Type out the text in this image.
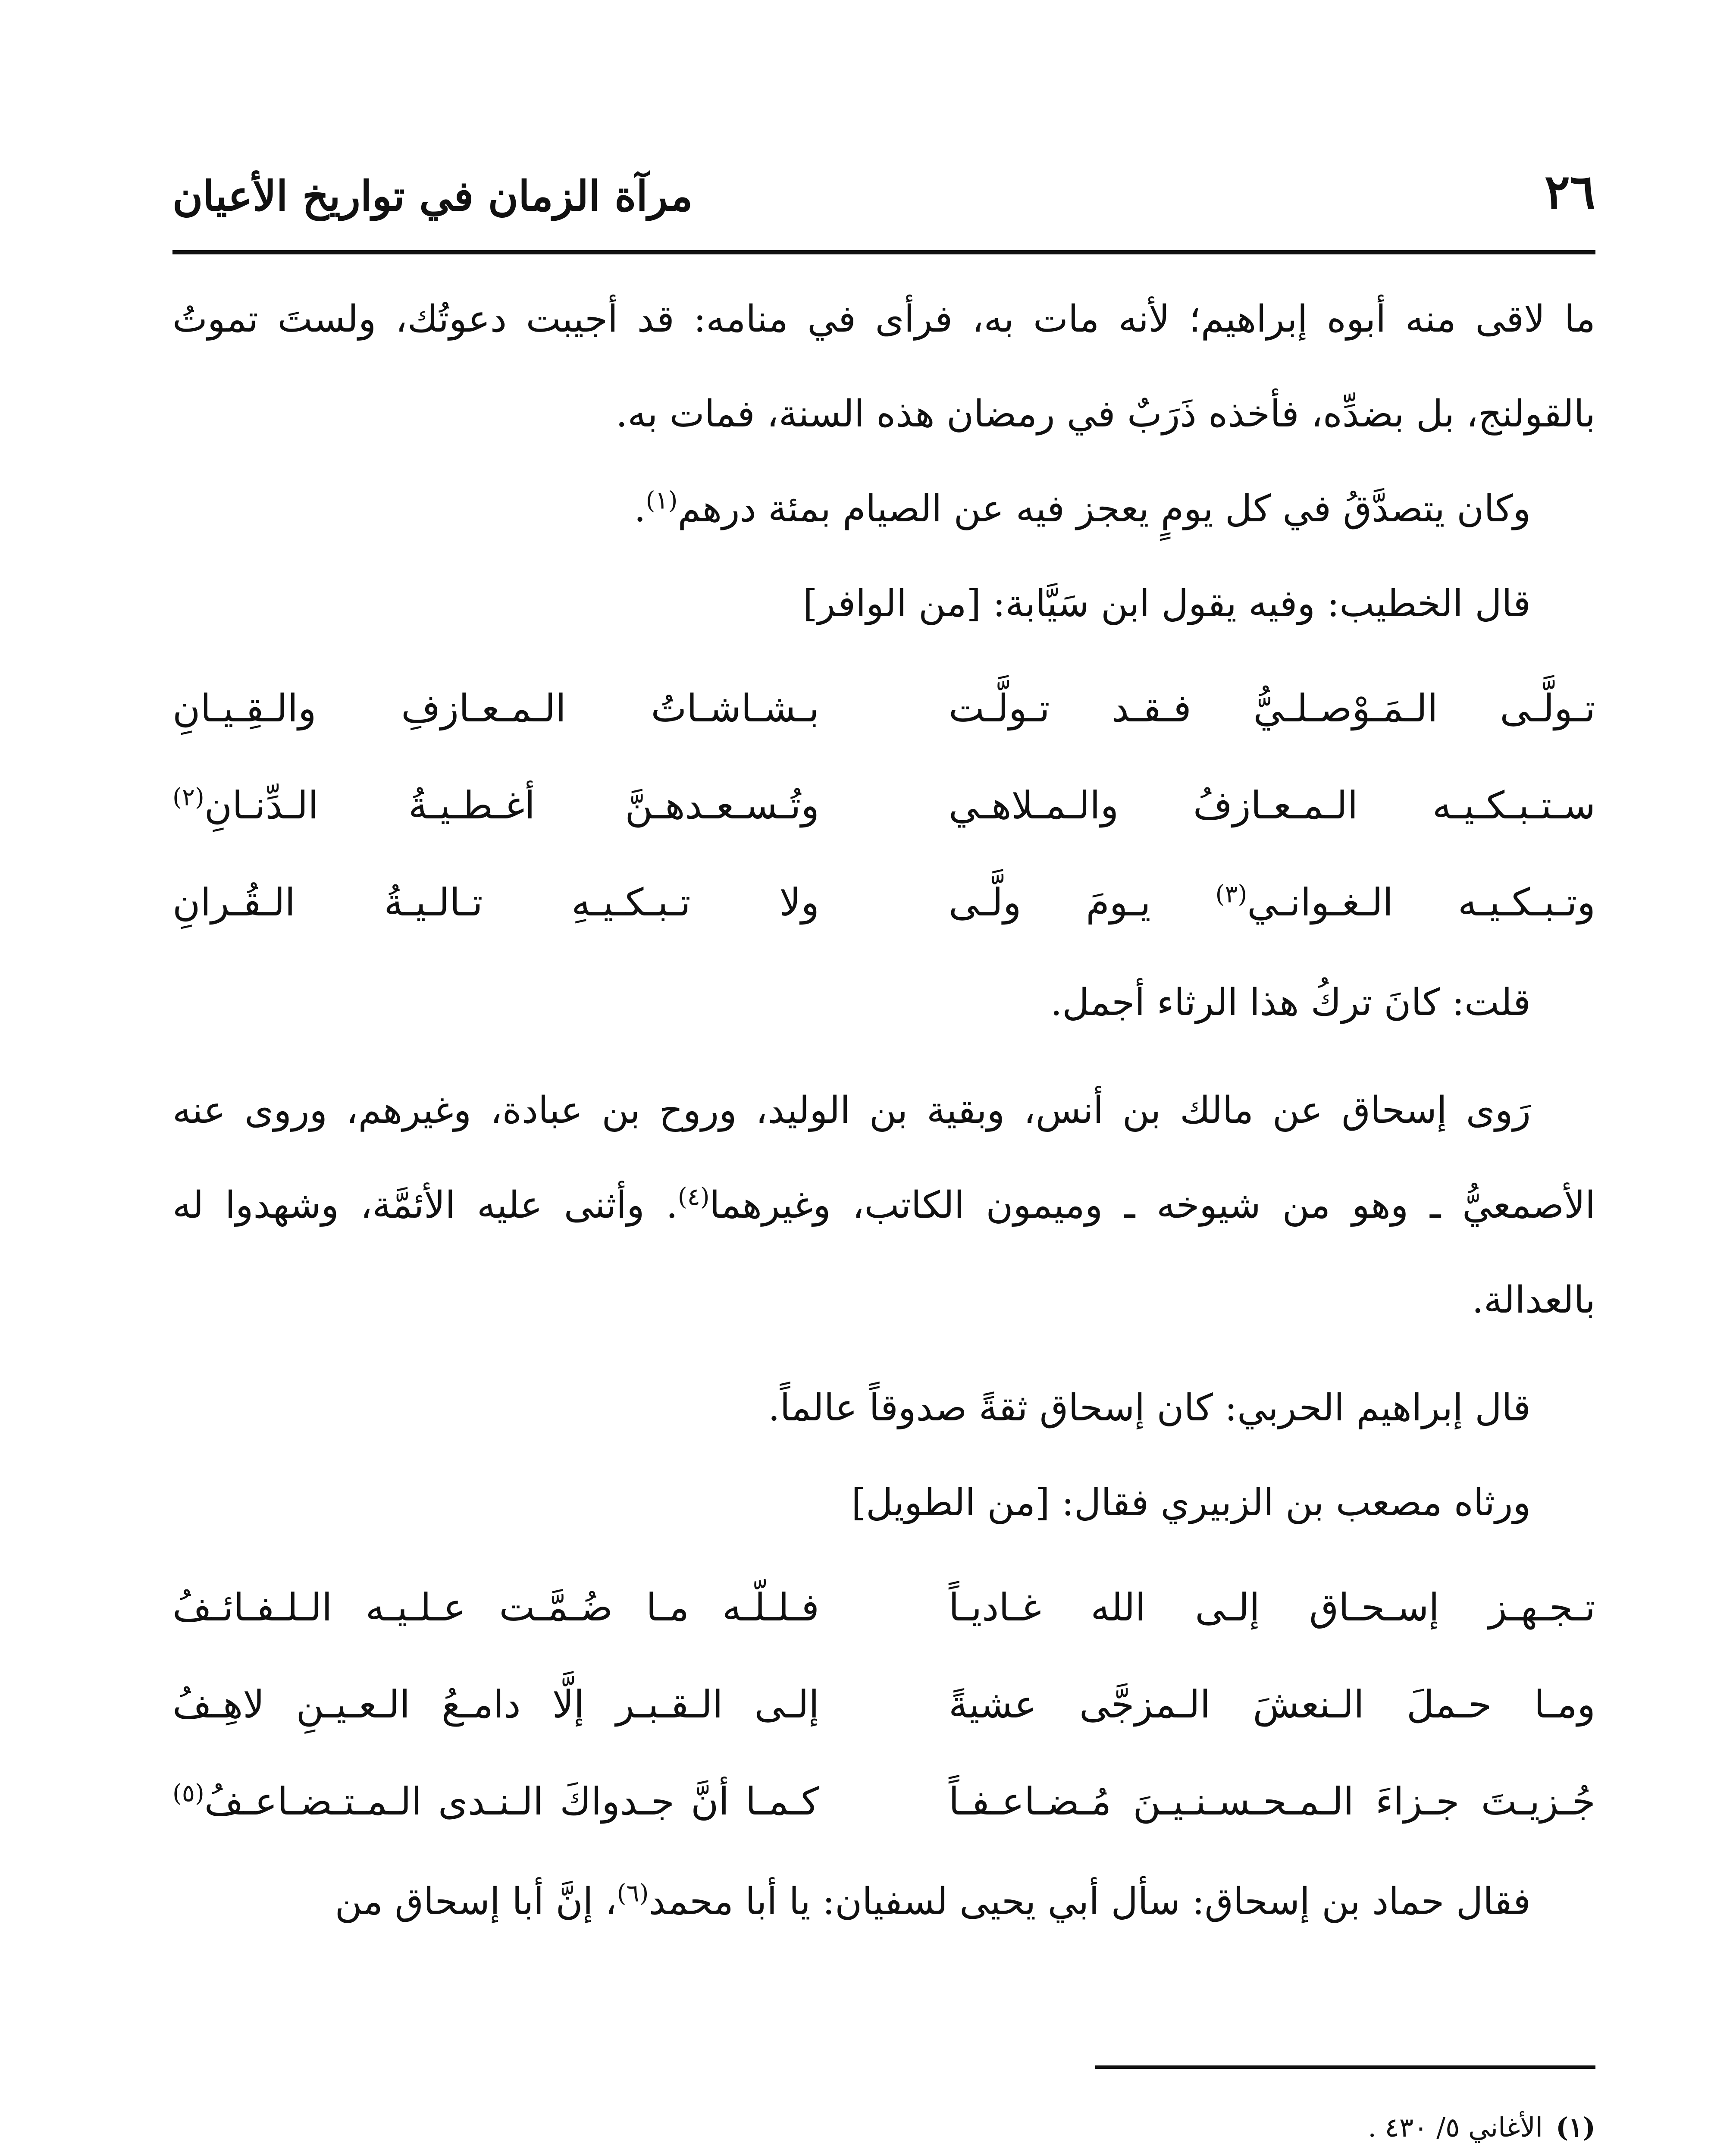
٢٦
مرآة الزمان في تواريخ الأعيان

ما لاقى منه أبوه إبراهيم؛ لأنه مات به، فرأى في منامه: قد أجيبت دعوتُك، ولستَ تموتُ بالقولنج، بل بضدِّه، فأخذه ذَرَبٌ في رمضان هذه السنة، فمات به.

وكان يتصدَّقُ في كل يومٍ يعجز فيه عن الصيام بمئة درهم$^{(١)}$.

قال الخطيب: وفيه يقول ابن سَيَّابة: [من الوافر]

تـولَّـى الـمَـوْصـلـيُّ فـقـد تـولَّـت
بـشـاشـاتُ الـمـعـازفِ والـقِـيـانِ
سـتـبـكـيـه الـمـعـازفُ والـمـلاهـي
وتُـسـعـدهـنَّ أغـطـيـةُ الـدِّنـانِ$^{(٢)}$
وتـبـكـيـه الـغـوانـي$^{(٣)}$ يـومَ ولَّـى
ولا تـبـكـيـهِ تـالـيـةُ الـقُـرانِ

قلت: كانَ تركُ هذا الرثاء أجمل.

رَوى إسحاق عن مالك بن أنس، وبقية بن الوليد، وروح بن عبادة، وغيرهم، وروى عنه الأصمعيُّ ـ وهو من شيوخه ـ وميمون الكاتب، وغيرهما$^{(٤)}$. وأثنى عليه الأئمَّة، وشهدوا له بالعدالة.

قال إبراهيم الحربي: كان إسحاق ثقةً صدوقاً عالماً.

ورثاه مصعب بن الزبيري فقال: [من الطويل]

تـجـهـز إسـحـاق إلـى الله غـاديـاً
فـلـلّـه مـا ضُـمَّـت عـلـيـه الـلـفـائـفُ
ومـا حـملَ الـنعشَ الـمزجَّى عشيةً
إلـى الـقـبـر إلَّا دامـعُ الـعـيـنِ لاهِـفُ
جُـزيـتَ جـزاءَ الـمـحـسـنـيـنَ مُـضـاعـفـاً
كـمـا أنَّ جـدواكَ الـنـدى الـمـتـضـاعـفُ$^{(٥)}$

فقال حماد بن إسحاق: سأل أبي يحيى لسفيان: يا أبا محمد$^{(٦)}$، إنَّ أبا إسحاق من

(١)الأغاني ٥/ ٤٣٠ .
